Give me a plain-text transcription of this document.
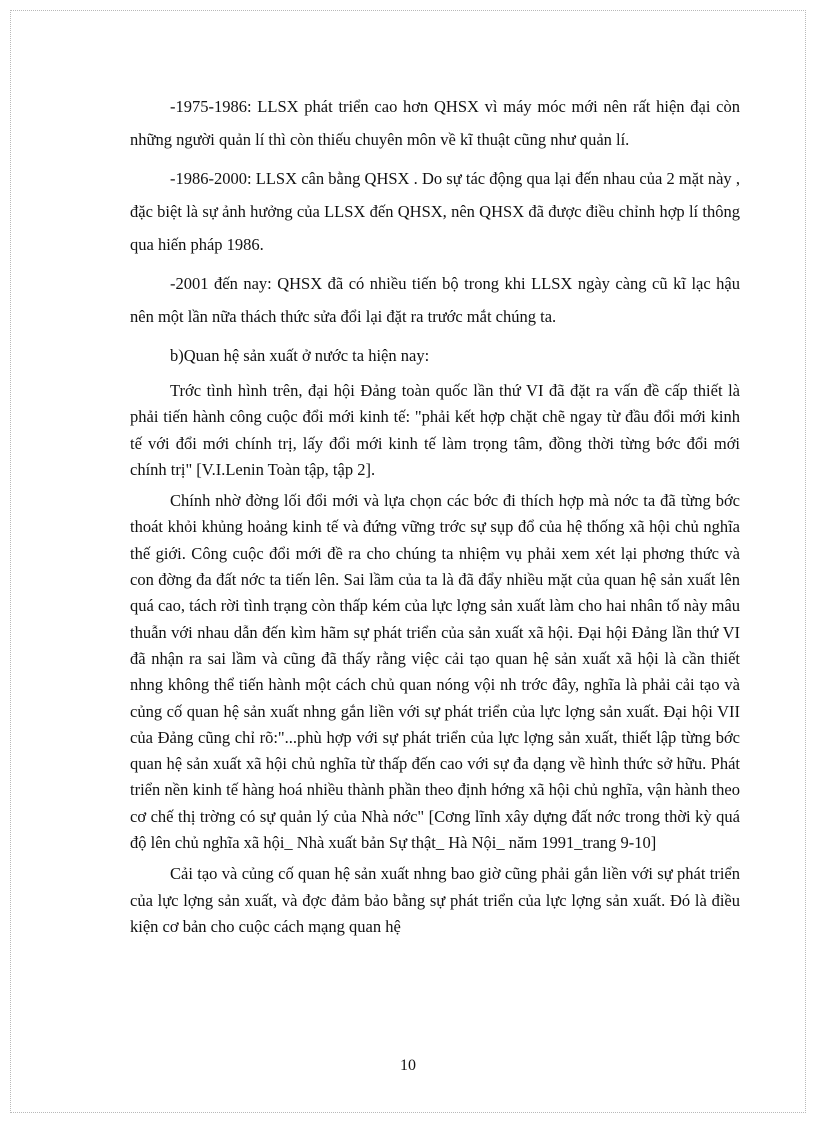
-1975-1986: LLSX phát triển cao hơn QHSX vì máy móc mới nên rất hiện đại còn những người quản lí thì còn thiếu chuyên môn về kĩ thuật cũng như quản lí.

-1986-2000: LLSX cân bằng QHSX . Do sự tác động qua lại đến nhau của 2 mặt này , đặc biệt là sự ảnh hưởng của LLSX đến QHSX, nên QHSX đã được điều chỉnh hợp lí thông qua hiến pháp 1986.

-2001 đến nay: QHSX đã có nhiều tiến bộ trong khi LLSX ngày càng cũ kĩ lạc hậu nên một lần nữa thách thức sửa đổi lại đặt ra trước mắt chúng ta.

b)Quan hệ sản xuất ở nước ta hiện nay:

Trớc tình hình trên, đại hội Đảng toàn quốc lần thứ VI đã đặt ra vấn đề cấp thiết là phải tiến hành công cuộc đổi mới kinh tế: "phải kết hợp chặt chẽ ngay từ đầu đổi mới kinh tế với đổi mới chính trị, lấy đổi mới kinh tế làm trọng tâm, đồng thời từng bớc đổi mới chính trị" [V.I.Lenin Toàn tập, tập 2].

Chính nhờ đờng lối đổi mới và lựa chọn các bớc đi thích hợp mà nớc ta đã từng bớc thoát khỏi khủng hoảng kinh tế và đứng vững trớc sự sụp đổ của hệ thống xã hội chủ nghĩa thế giới. Công cuộc đổi mới đề ra cho chúng ta nhiệm vụ phải xem xét lại phơng thức và con đờng đa đất nớc ta tiến lên. Sai lầm của ta là đã đẩy nhiều mặt của quan hệ sản xuất lên quá cao, tách rời tình trạng còn thấp kém của lực lợng sản xuất làm cho hai nhân tố này mâu thuẫn với nhau dẫn đến kìm hãm sự phát triển của sản xuất xã hội. Đại hội Đảng lần thứ VI đã nhận ra sai lầm và cũng đã thấy rằng việc cải tạo quan hệ sản xuất xã hội là cần thiết nhng không thể tiến hành một cách chủ quan nóng vội nh trớc đây, nghĩa là phải cải tạo và củng cố quan hệ sản xuất nhng gắn liền với sự phát triển của lực lợng sản xuất. Đại hội VII của Đảng cũng chỉ rõ:"...phù hợp với sự phát triển của lực lợng sản xuất, thiết lập từng bớc quan hệ sản xuất xã hội chủ nghĩa từ thấp đến cao với sự đa dạng về hình thức sở hữu. Phát triển nền kinh tế hàng hoá nhiều thành phần theo định hớng xã hội chủ nghĩa, vận hành theo cơ chế thị trờng có sự quản lý của Nhà nớc" [Cơng lĩnh xây dựng đất nớc trong thời kỳ quá độ lên chủ nghĩa xã hội_ Nhà xuất bản Sự thật_ Hà Nội_ năm 1991_trang 9-10]

Cải tạo và củng cố quan hệ sản xuất nhng bao giờ cũng phải gắn liền với sự phát triển của lực lợng sản xuất, và đợc đảm bảo bằng sự phát triển của lực lợng sản xuất. Đó là điều kiện cơ bản cho cuộc cách mạng quan hệ

10
